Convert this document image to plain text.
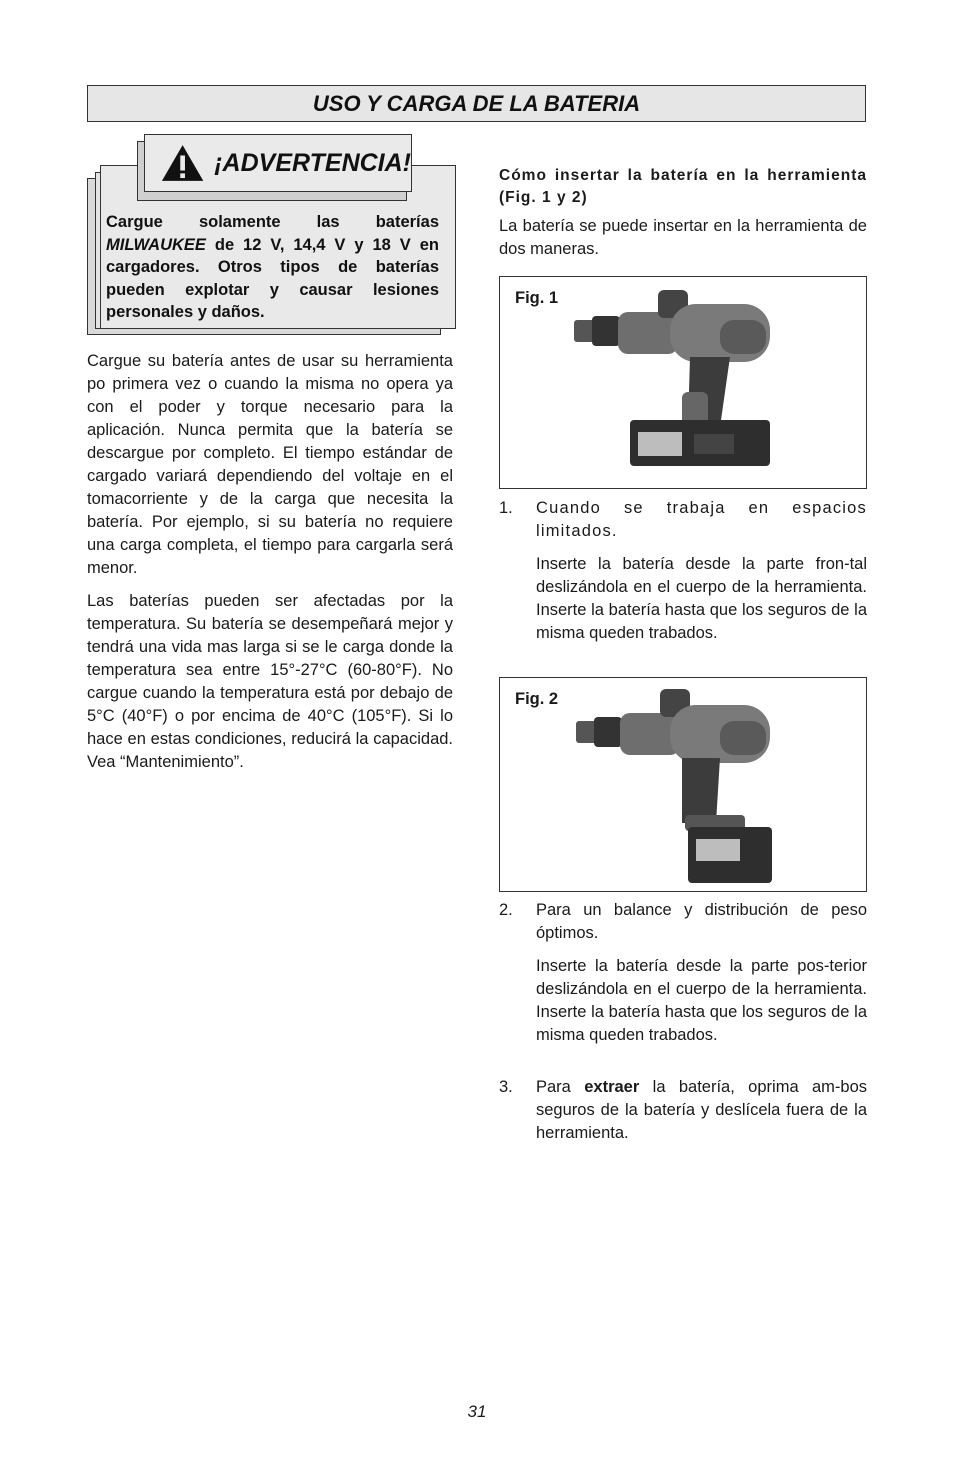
USO Y CARGA DE LA BATERIA
¡ADVERTENCIA!

Cargue solamente las baterías MILWAUKEE de 12 V, 14,4 V y 18 V en cargadores. Otros tipos de baterías pueden explotar y causar lesiones personales y daños.

Cargue su batería antes de usar su herramienta po primera vez o cuando la misma no opera ya con el poder y torque necesario para la aplicación. Nunca permita que la batería se descargue por completo. El tiempo estándar de cargado variará dependiendo del voltaje en el tomacorriente y de la carga que necesita la batería. Por ejemplo, si su batería no requiere una carga completa, el tiempo para cargarla será menor.

Las baterías pueden ser afectadas por la temperatura. Su batería se desempeñará mejor y tendrá una vida mas larga si se le carga donde la temperatura sea entre 15°-27°C (60-80°F). No cargue cuando la temperatura está por debajo de 5°C (40°F) o por encima de 40°C (105°F). Si lo hace en estas condiciones, reducirá la capacidad. Vea “Mantenimiento”.

Cómo insertar la batería en la herramienta (Fig. 1 y 2)

La batería se puede insertar en la herramienta de dos maneras.

Fig. 1
1. Cuando se trabaja en espacios limitados.

Inserte la batería desde la parte fron-tal deslizándola en el cuerpo de la herramienta. Inserte la batería hasta que los seguros de la misma queden trabados.

Fig. 2
2. Para un balance y distribución de peso óptimos.

Inserte la batería desde la parte pos-terior deslizándola en el cuerpo de la herramienta. Inserte la batería hasta que los seguros de la misma queden trabados.

3. Para extraer la batería, oprima am-bos seguros de la batería y deslícela fuera de la herramienta.

31
